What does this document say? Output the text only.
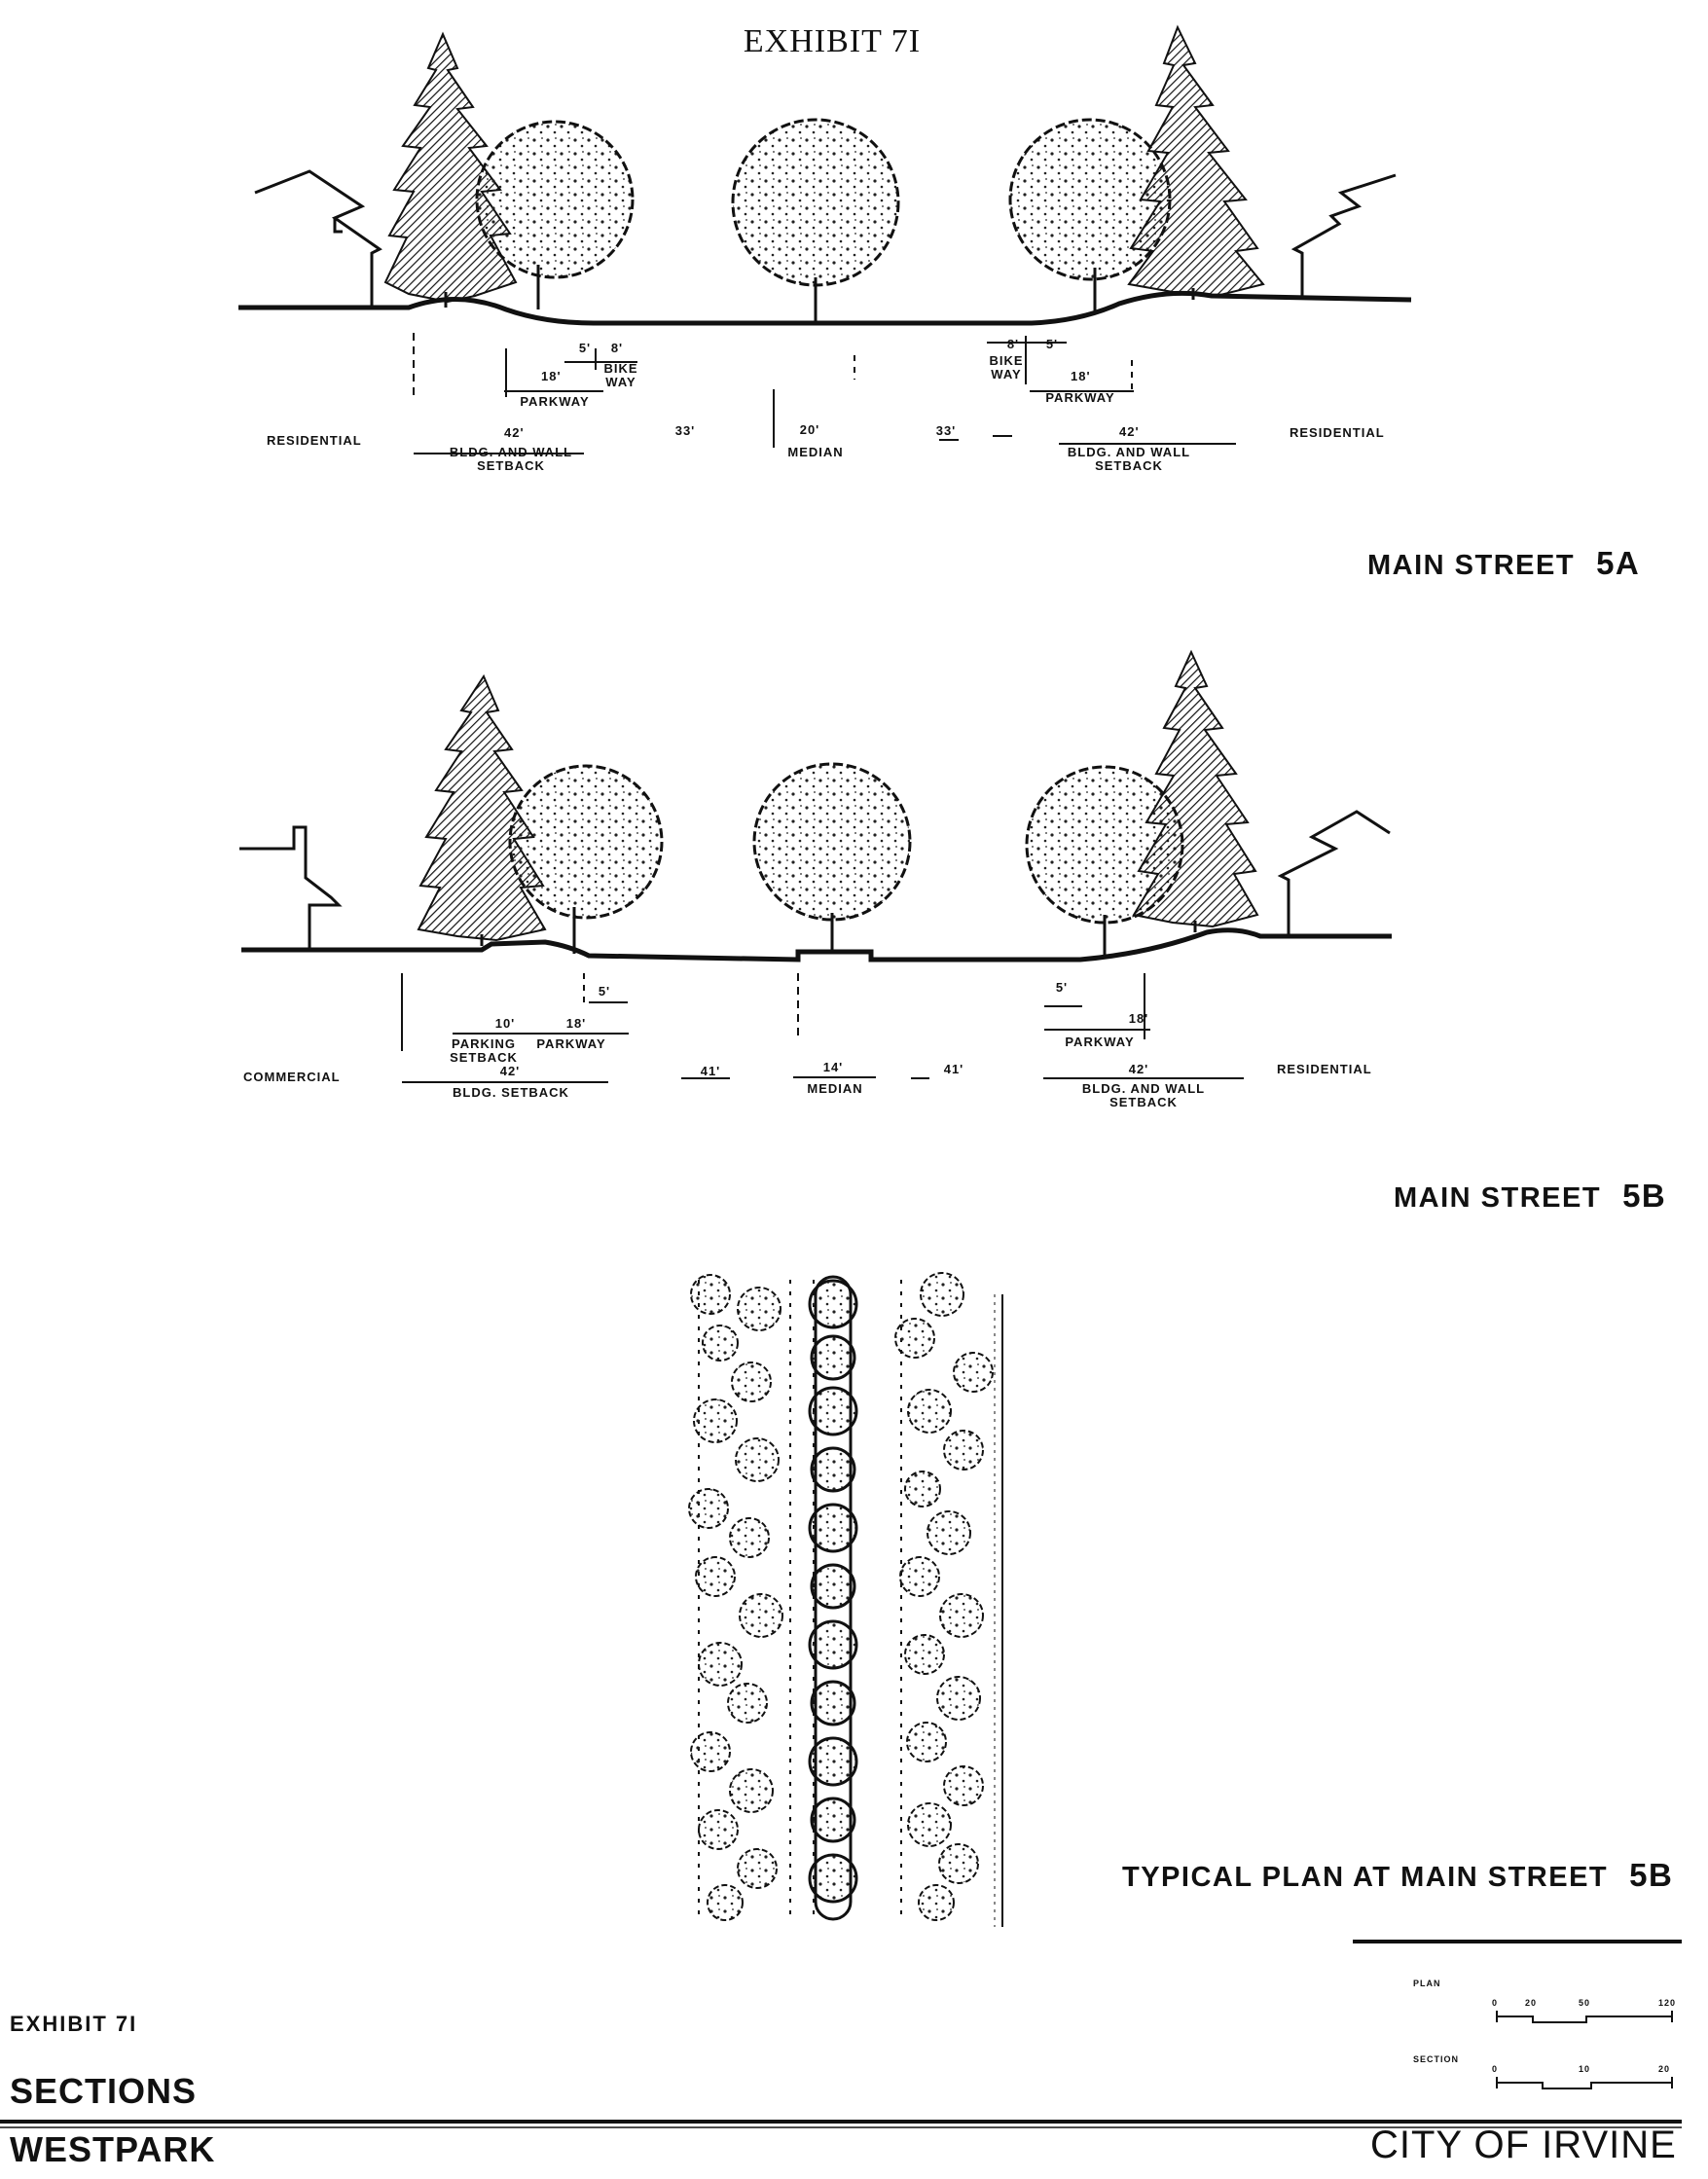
EXHIBIT 7I
RESIDENTIAL
42'
BLDG. AND WALL
SETBACK
18'
PARKWAY
5' 8'
BIKE
WAY
33'	20'
MEDIAN
33'
8' 5'
BIKE
WAY	18'
PARKWAY
42'
BLDG. AND WALL
SETBACK
RESIDENTIAL
MAIN STREET 5A
COMMERCIAL
10'
PARKING
SETBACK
18'
PARKWAY
5'
42'
BLDG. SETBACK
41'	14'
MEDIAN
41'
5'
18'
PARKWAY
42'
BLDG. AND WALL
SETBACK
RESIDENTIAL
MAIN STREET 5B
TYPICAL PLAN AT MAIN STREET 5B
PLAN
0	20	50	120
SECTION
0	10	20
EXHIBIT 7I
SECTIONS
WESTPARK	CITY OF IRVINE
